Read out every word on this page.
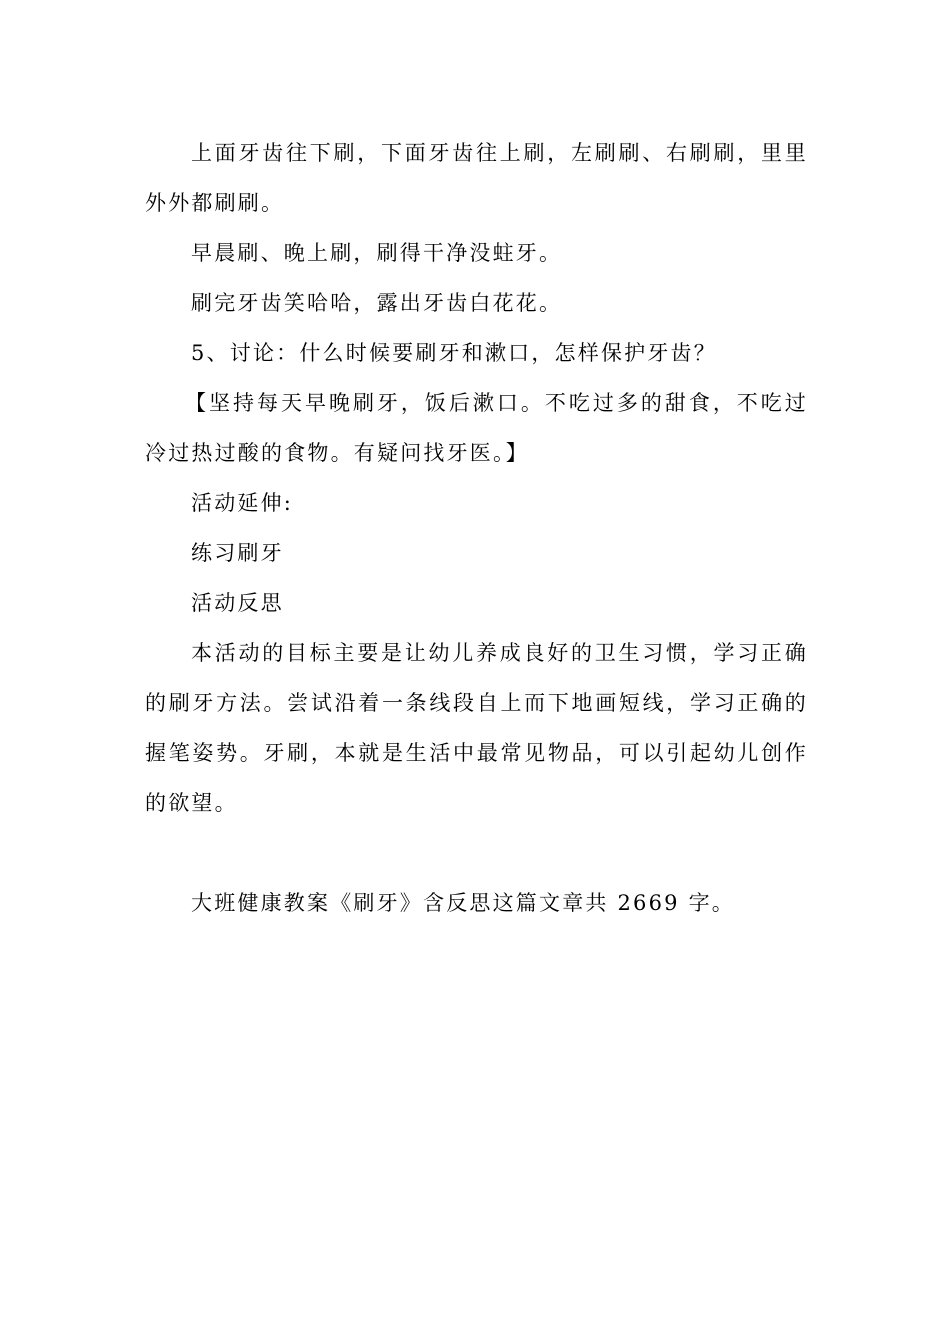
上面牙齿往下刷，下面牙齿往上刷，左刷刷、右刷刷，里里外外都刷刷。

早晨刷、晚上刷，刷得干净没蛀牙。

刷完牙齿笑哈哈，露出牙齿白花花。

5、讨论：什么时候要刷牙和漱口，怎样保护牙齿？

【坚持每天早晚刷牙，饭后漱口。不吃过多的甜食，不吃过冷过热过酸的食物。有疑问找牙医。】

活动延伸:

练习刷牙

活动反思

本活动的目标主要是让幼儿养成良好的卫生习惯，学习正确的刷牙方法。尝试沿着一条线段自上而下地画短线，学习正确的握笔姿势。牙刷，本就是生活中最常见物品，可以引起幼儿创作的欲望。

大班健康教案《刷牙》含反思这篇文章共 2669 字。
